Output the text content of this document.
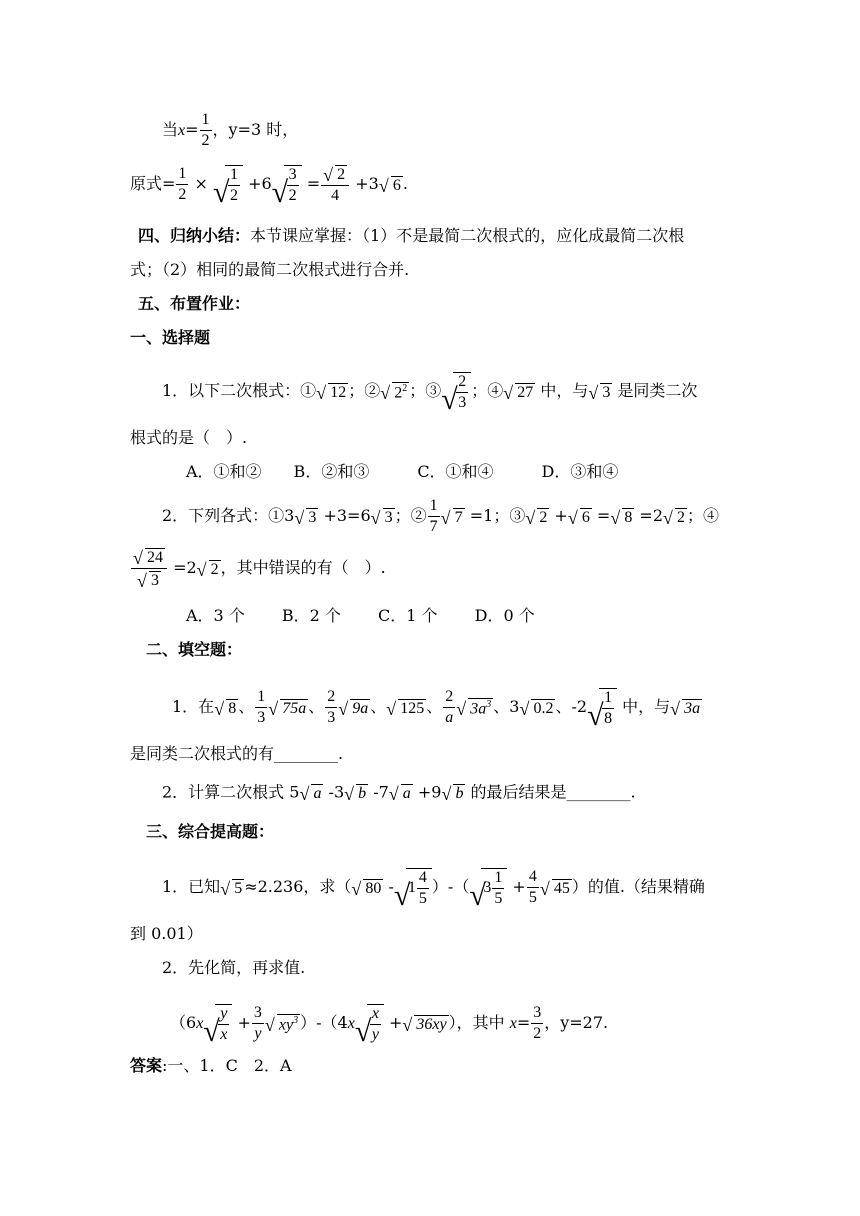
当$x= \frac{1}{2}$ ，y=3 时，
原式= $\frac{1}{2}$ ×
√ $\frac{1}{2} +6$
√ $\frac{3}{2}$ =
√ $\frac{2}{4} +3√$ 6 .
四、归纳小结：本节课应掌握：（1）不是最简二次根式的，应化成最简二次根
式；（2）相同的最简二次根式进行合并.
五、布置作业：
一、选择题
1．以下二次根式：①√ 12 ；②√ $2^2$ ；③
√ $\frac{2}{3}$ ；④√ 27 中，与√ 3 是同类二次
根式的是（　）.
A．①和②　　B．②和③　　　C．①和④　　　D．③和④
2．下列各式：①3√ 3 +3=6√ 3 ；② $\frac{1}{7}$
√ 7 =1；③√ 2 +√ 6 =√ 8 =2√ 2 ；④
√ 24
√ 3 =2√ 2 ，其中错误的有（　）.
A．3 个　　 B．2 个　　 C．1 个　　 D．0 个
二、填空题：
1．在√ 8 、 $\frac{1}{3}$
√ 75a 、 $\frac{2}{3}$
√ 9a 、√ 125 、 $\frac{2}{a}$
√ $3a^3$ 、3√ 0.2 、-2
√ $\frac{1}{8}$ 中，与√ 3a
是同类二次根式的有________.
2．计算二次根式 5√ a -3√ b -7√ a +9√ b 的最后结果是________.
三、综合提高题：
1．已知√ 5 ≈2.236，求（√ 80 -√ $1 \frac{4}{5}$ ）-（√ $3 \frac{1}{5} + \frac{4}{5}$
√ 45 ）的值.（结果精确
到 0.01）
2．先化简，再求值.
（6x
√ $\frac{y}{x} + \frac{3}{y}$
√ $xy^3$ ）-（4x
√ $\frac{x}{y}$ +√ 36xy ），其中 $x= \frac{3}{2}$ ，y=27.
答案:一、1．C　2．A
